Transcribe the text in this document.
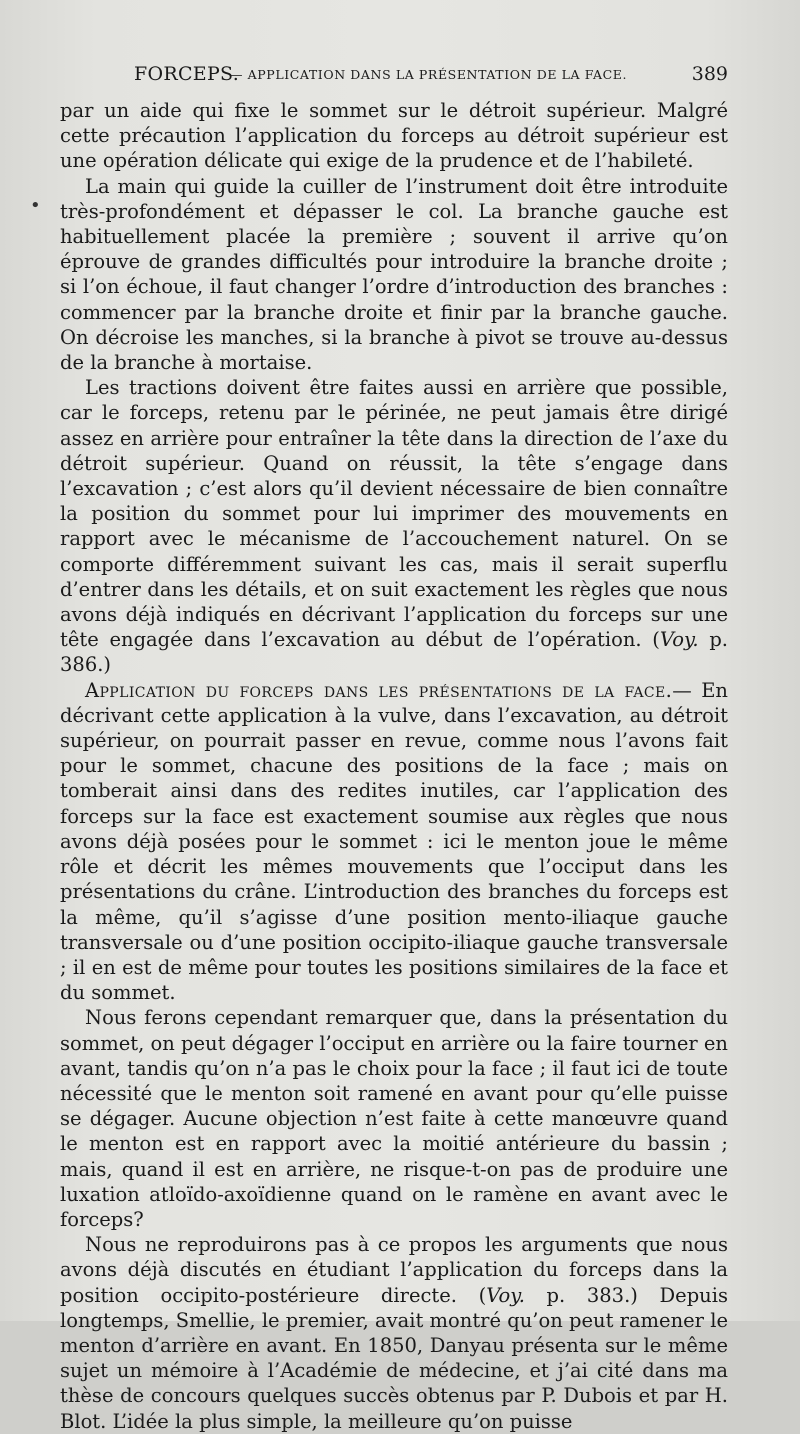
FORCEPS.
— APPLICATION DANS LA PRÉSENTATION DE LA FACE.	389
•

par un aide qui fixe le sommet sur le détroit supérieur. Malgré cette précaution l’application du forceps au détroit supérieur est une opération délicate qui exige de la prudence et de l’habileté.

La main qui guide la cuiller de l’instrument doit être introduite très-profondément et dépasser le col. La branche gauche est habituellement placée la première ; souvent il arrive qu’on éprouve de grandes difficultés pour introduire la branche droite ; si l’on échoue, il faut changer l’ordre d’introduction des branches : commencer par la branche droite et finir par la branche gauche. On décroise les manches, si la branche à pivot se trouve au-dessus de la branche à mortaise.

Les tractions doivent être faites aussi en arrière que possible, car le forceps, retenu par le périnée, ne peut jamais être dirigé assez en arrière pour entraîner la tête dans la direction de l’axe du détroit supérieur. Quand on réussit, la tête s’engage dans l’excavation ; c’est alors qu’il devient nécessaire de bien connaître la position du sommet pour lui imprimer des mouvements en rapport avec le mécanisme de l’accouchement naturel. On se comporte différemment suivant les cas, mais il serait superflu d’entrer dans les détails, et on suit exactement les règles que nous avons déjà indiqués en décrivant l’application du forceps sur une tête engagée dans l’excavation au début de l’opération. (Voy. p. 386.)

Application du forceps dans les présentations de la face.— En décrivant cette application à la vulve, dans l’excavation, au détroit supérieur, on pourrait passer en revue, comme nous l’avons fait pour le sommet, chacune des positions de la face ; mais on tomberait ainsi dans des redites inutiles, car l’application des forceps sur la face est exactement soumise aux règles que nous avons déjà posées pour le sommet : ici le menton joue le même rôle et décrit les mêmes mouvements que l’occiput dans les présentations du crâne. L’introduction des branches du forceps est la même, qu’il s’agisse d’une position mento-iliaque gauche transversale ou d’une position occipito-iliaque gauche transversale ; il en est de même pour toutes les positions similaires de la face et du sommet.

Nous ferons cependant remarquer que, dans la présentation du sommet, on peut dégager l’occiput en arrière ou la faire tourner en avant, tandis qu’on n’a pas le choix pour la face ; il faut ici de toute nécessité que le menton soit ramené en avant pour qu’elle puisse se dégager. Aucune objection n’est faite à cette manœuvre quand le menton est en rapport avec la moitié antérieure du bassin ; mais, quand il est en arrière, ne risque-t-on pas de produire une luxation atloïdo-axoïdienne quand on le ramène en avant avec le forceps?

Nous ne reproduirons pas à ce propos les arguments que nous avons déjà discutés en étudiant l’application du forceps dans la position occipito-postérieure directe. (Voy. p. 383.) Depuis longtemps, Smellie, le premier, avait montré qu’on peut ramener le menton d’arrière en avant. En 1850, Danyau présenta sur le même sujet un mémoire à l’Académie de médecine, et j’ai cité dans ma thèse de concours quelques succès obtenus par P. Dubois et par H. Blot. L’idée la plus simple, la meilleure qu’on puisse
